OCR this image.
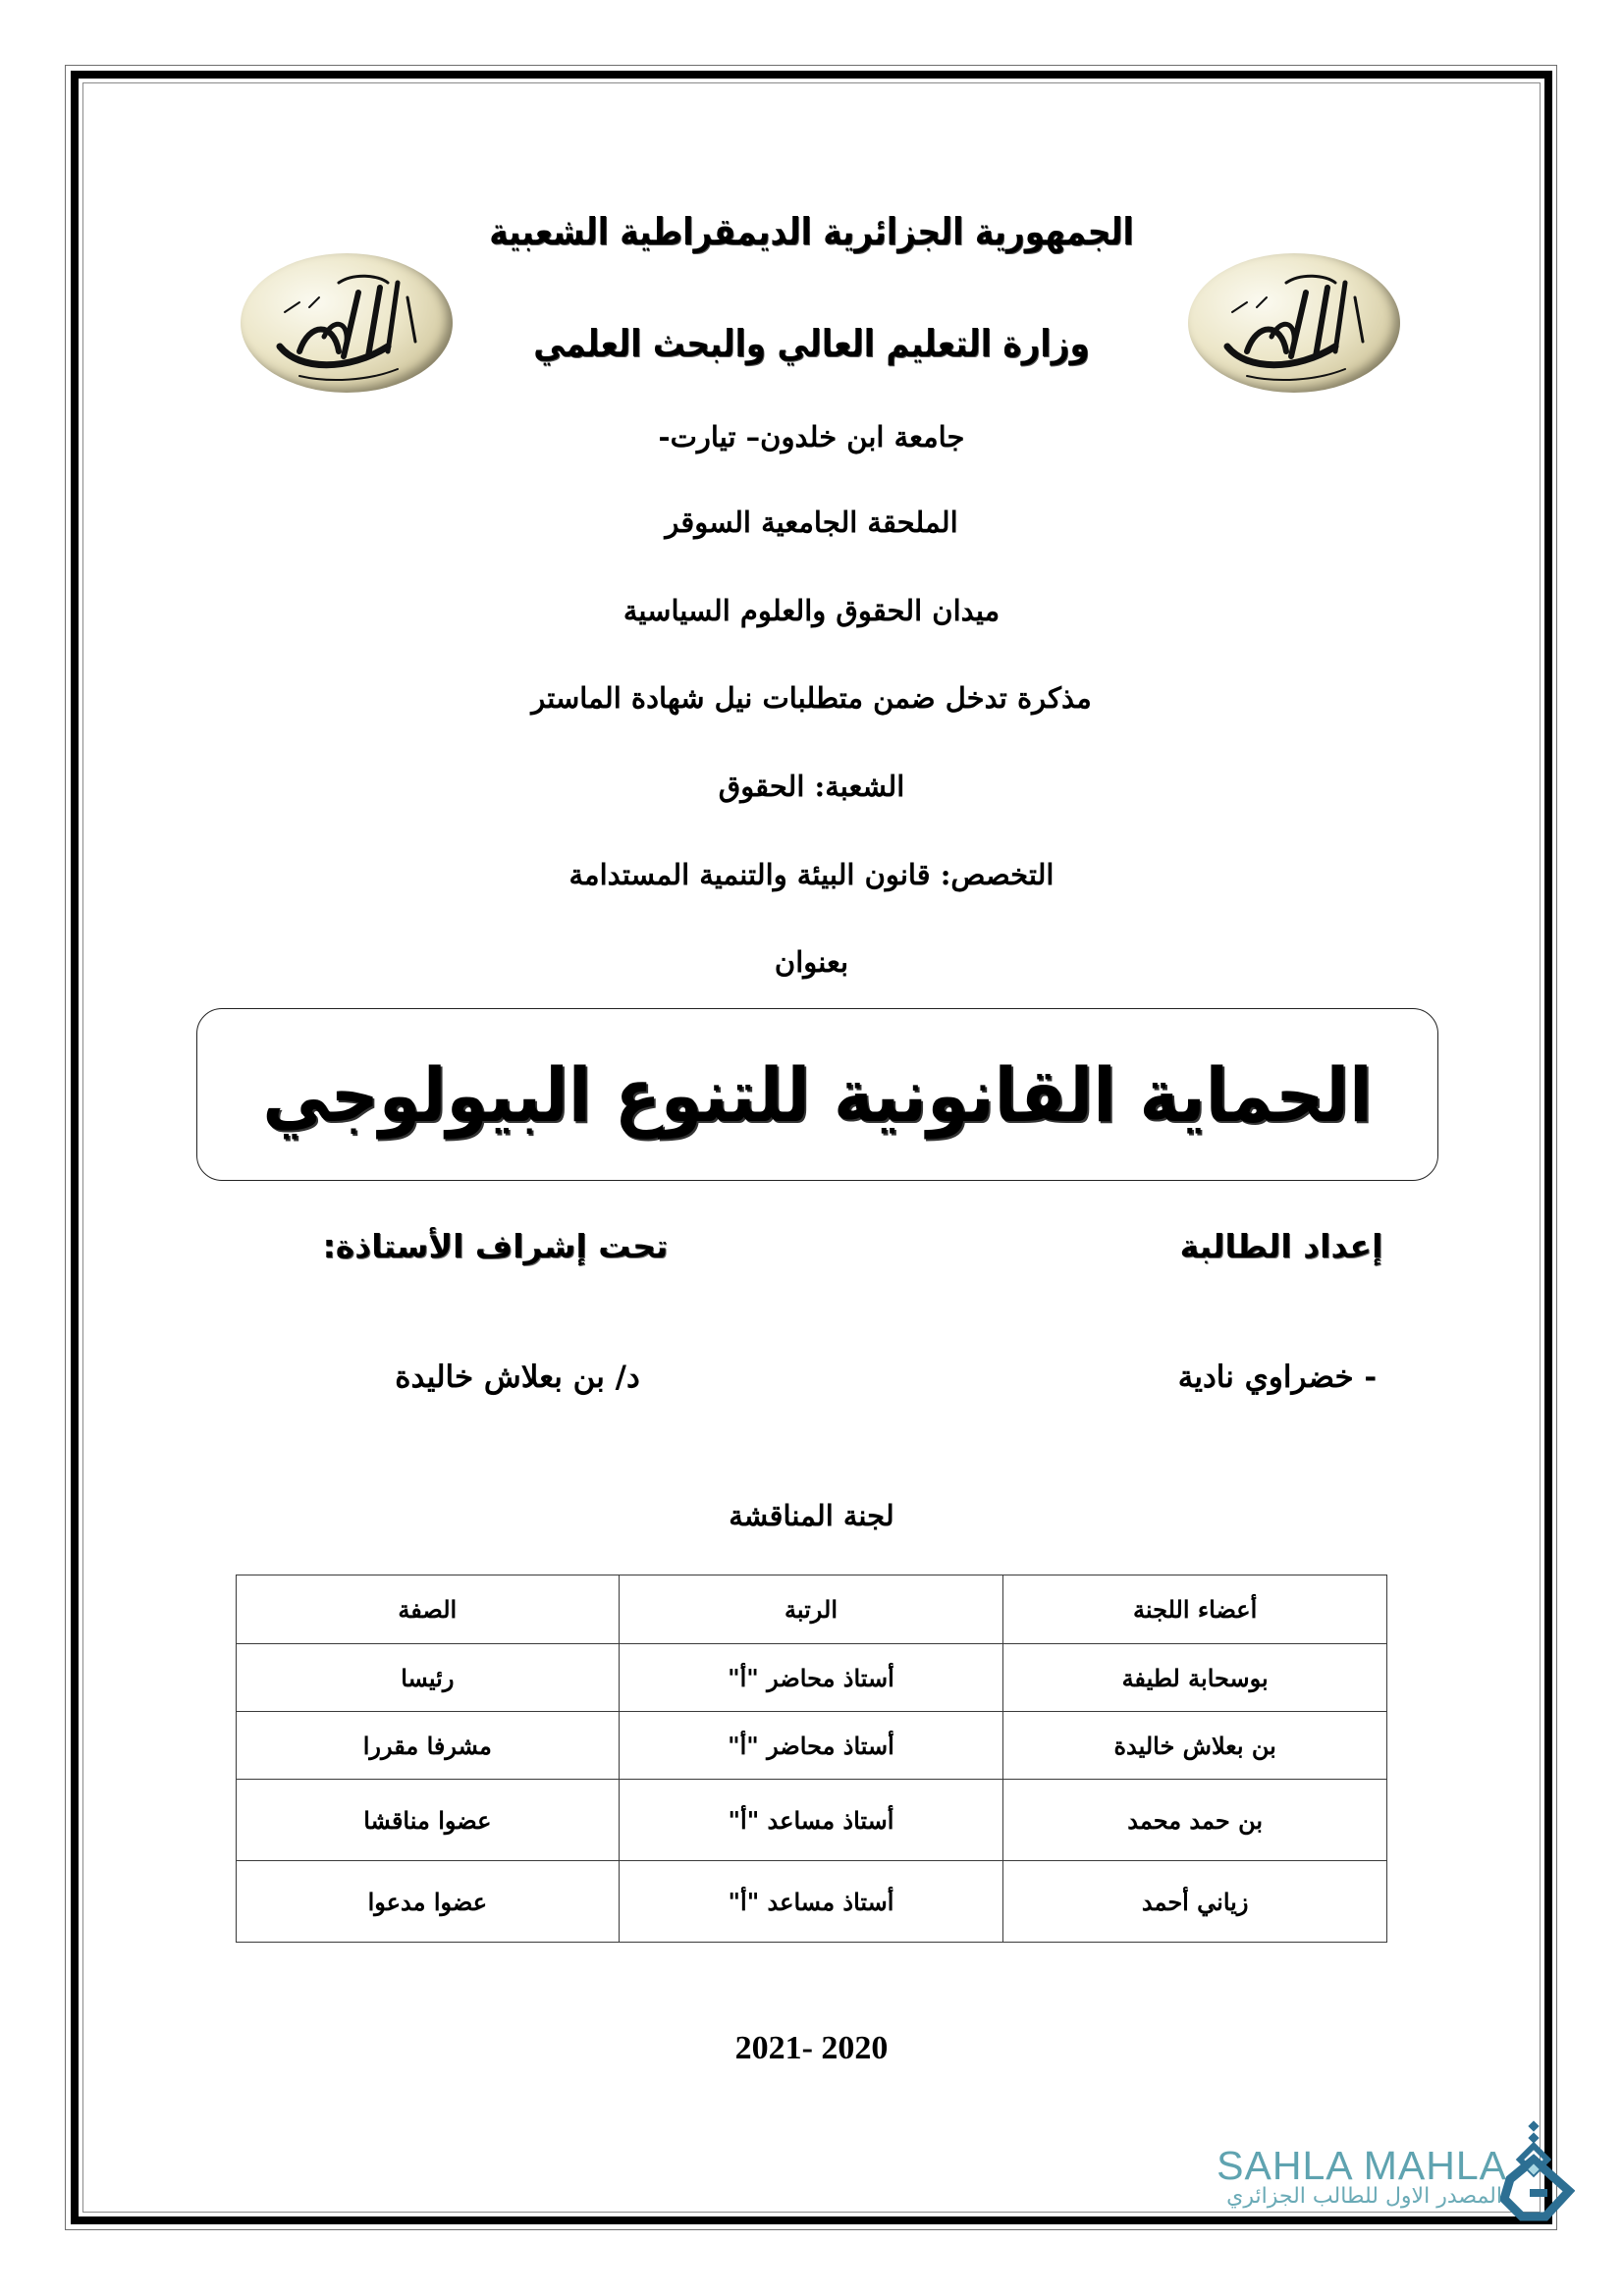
الجمهورية الجزائرية الديمقراطية الشعبية
وزارة التعليم العالي والبحث العلمي
جامعة ابن خلدون– تيارت-
الملحقة الجامعية السوقر
ميدان الحقوق والعلوم السياسية
مذكرة تدخل ضمن متطلبات نيل شهادة الماستر
الشعبة: الحقوق
التخصص: قانون البيئة والتنمية المستدامة
بعنوان
الحماية القانونية للتنوع البيولوجي
إعداد الطالبة
تحت إشراف الأستاذة:
- خضراوي نادية
د/ بن بعلاش خاليدة
لجنة المناقشة
أعضاء اللجنة	الرتبة	الصفة
بوسحابة لطيفة	أستاذ محاضر "أ"	رئيسا
بن بعلاش خاليدة	أستاذ محاضر "أ"	مشرفا مقررا
بن حمد محمد	أستاذ مساعد "أ"	عضوا مناقشا
زياني أحمد	أستاذ مساعد "أ"	عضوا مدعوا
2021- 2020
SAHLA MAHLA
المصدر الاول للطالب الجزائري
